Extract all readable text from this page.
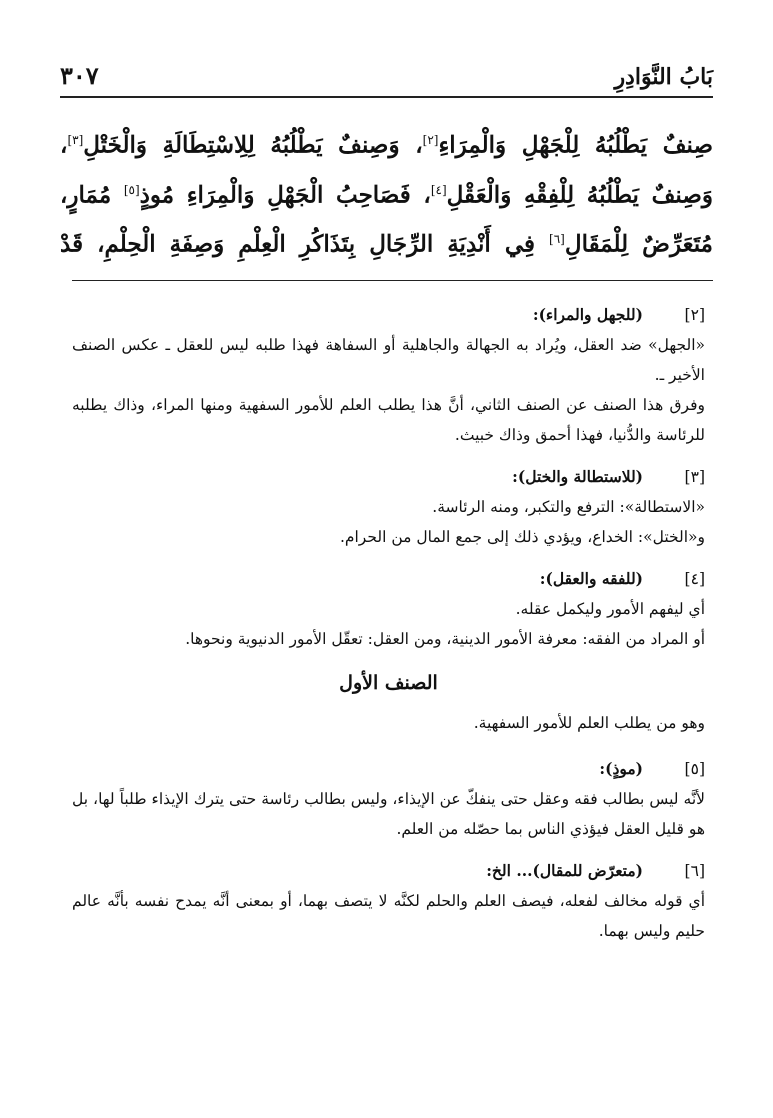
بَابُ النَّوَادِرِ
٣٠٧
صِنفٌ يَطْلُبُهُ لِلْجَهْلِ وَالْمِرَاءِ[٢]، وَصِنفٌ يَطْلُبُهُ لِلِاسْتِطَالَةِ وَالْخَتْلِ[٣]، وَصِنفٌ يَطْلُبُهُ لِلْفِقْهِ وَالْعَقْلِ[٤]، فَصَاحِبُ الْجَهْلِ وَالْمِرَاءِ مُوذٍ[٥] مُمَارٍ، مُتَعَرِّضٌ لِلْمَقَالِ[٦] فِي أَنْدِيَةِ الرِّجَالِ بِتَذَاكُرِ الْعِلْمِ وَصِفَةِ الْحِلْمِ، قَدْ
[٢]
(للجهل والمراء):

«الجهل» ضد العقل، ويُراد به الجهالة والجاهلية أو السفاهة فهذا طلبه ليس للعقل ـ عكس الصنف الأخير ـ.

وفرق هذا الصنف عن الصنف الثاني، أنَّ هذا يطلب العلم للأمور السفهية ومنها المراء، وذاك يطلبه للرئاسة والدُّنيا، فهذا أحمق وذاك خبيث.

[٣]
(للاستطالة والختل):

«الاستطالة»: الترفع والتكبر، ومنه الرئاسة.

و«الختل»: الخداع، ويؤدي ذلك إلى جمع المال من الحرام.

[٤]
(للفقه والعقل):

أي ليفهم الأمور وليكمل عقله.

أو المراد من الفقه: معرفة الأمور الدينية، ومن العقل: تعقّل الأمور الدنيوية ونحوها.

الصنف الأول

وهو من يطلب العلم للأمور السفهية.

[٥]
(موذٍ):

لأنَّه ليس بطالب فقه وعقل حتى ينفكّ عن الإيذاء، وليس بطالب رئاسة حتى يترك الإيذاء طلباً لها، بل هو قليل العقل فيؤذي الناس بما حصّله من العلم.

[٦]
(متعرّض للمقال)... الخ:

أي قوله مخالف لفعله، فيصف العلم والحلم لكنَّه لا يتصف بهما، أو بمعنى أنَّه يمدح نفسه بأنَّه عالم حليم وليس بهما.
